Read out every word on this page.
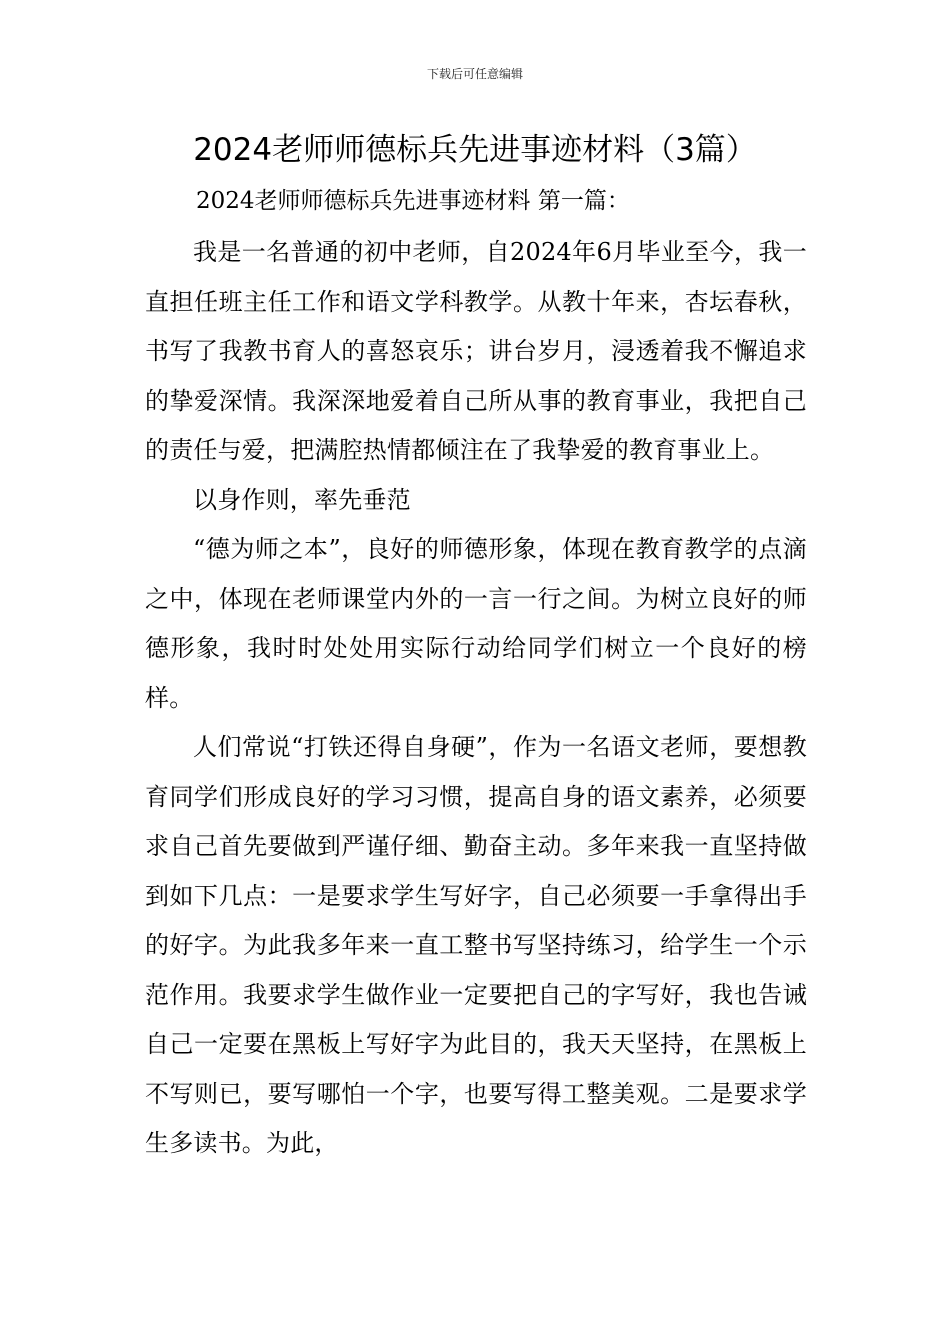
下载后可任意编辑
2024老师师德标兵先进事迹材料（3篇）
2024老师师德标兵先进事迹材料 第一篇：

我是一名普通的初中老师，自2024年6月毕业至今，我一直担任班主任工作和语文学科教学。从教十年来，杏坛春秋，书写了我教书育人的喜怒哀乐；讲台岁月，浸透着我不懈追求的挚爱深情。我深深地爱着自己所从事的教育事业，我把自己的责任与爱，把满腔热情都倾注在了我挚爱的教育事业上。

以身作则，率先垂范

“德为师之本”，良好的师德形象，体现在教育教学的点滴之中，体现在老师课堂内外的一言一行之间。为树立良好的师德形象，我时时处处用实际行动给同学们树立一个良好的榜样。

人们常说“打铁还得自身硬”，作为一名语文老师，要想教育同学们形成良好的学习习惯，提高自身的语文素养，必须要求自己首先要做到严谨仔细、勤奋主动。多年来我一直坚持做到如下几点：一是要求学生写好字，自己必须要一手拿得出手的好字。为此我多年来一直工整书写坚持练习，给学生一个示范作用。我要求学生做作业一定要把自己的字写好，我也告诫自己一定要在黑板上写好字为此目的，我天天坚持，在黑板上不写则已，要写哪怕一个字，也要写得工整美观。二是要求学生多读书。为此，
